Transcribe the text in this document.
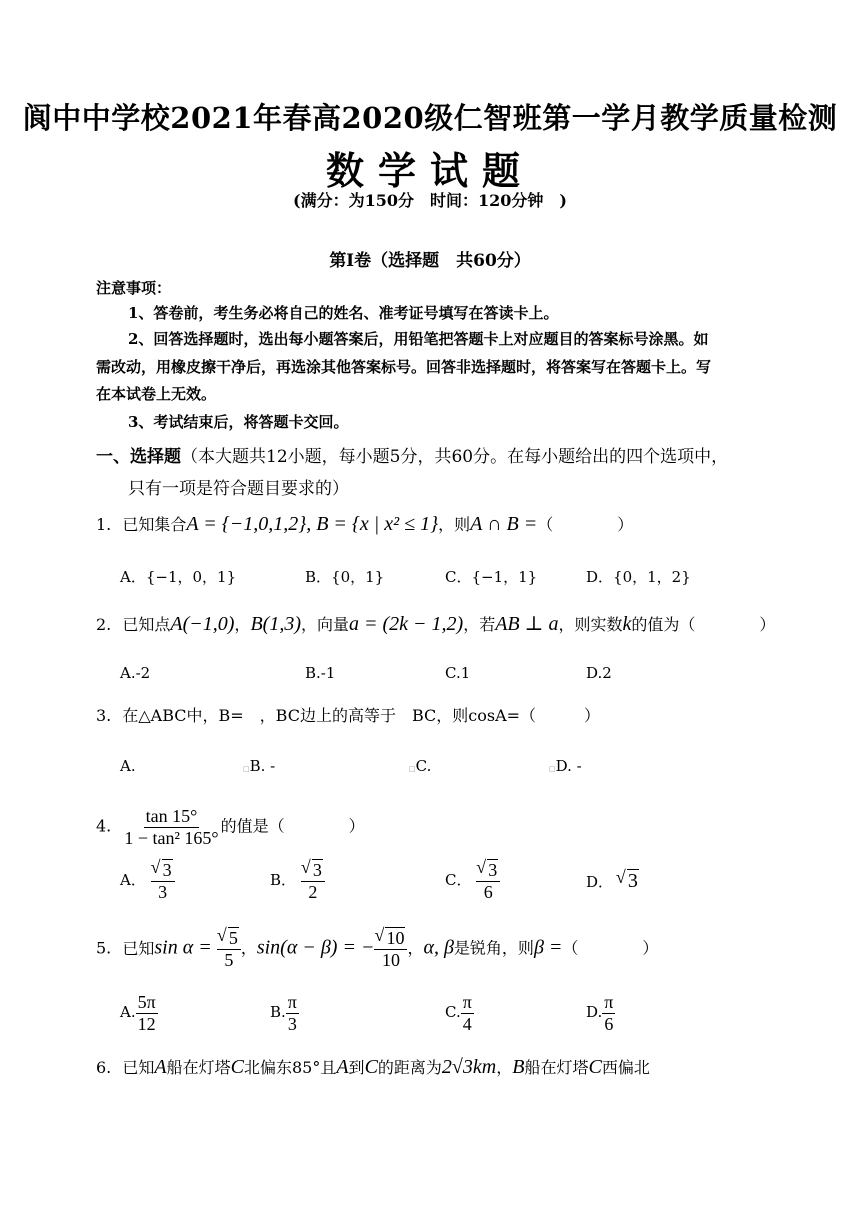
阆中中学校2021年春高2020级仁智班第一学月教学质量检测
数学试题
(满分：为150分　时间：120分钟　)
第Ⅰ卷（选择题　共60分）
注意事项：
1、答卷前，考生务必将自己的姓名、准考证号填写在答读卡上。
2、回答选择题时，选出每小题答案后，用铅笔把答题卡上对应题目的答案标号涂黑。如
需改动，用橡皮擦干净后，再选涂其他答案标号。回答非选择题时，将答案写在答题卡上。写
在本试卷上无效。
3、考试结束后，将答题卡交回。
一、选择题（本大题共12小题，每小题5分，共60分。在每小题给出的四个选项中，
只有一项是符合题目要求的）
1. 已知集合A = {−1,0,1,2}, B = {x | x² ≤ 1}，则A ∩ B =（　　　　）
A．{−1，0，1}	B．{0，1}	C．{−1，1}	D．{0，1，2}
2. 已知点A(−1,0)，B(1,3)，向量a = (2k − 1,2)，若AB ⊥ a，则实数k的值为（　　　　）
A.-2	B.-1	C.1	D.2
3. 在△ABC中，B=　，BC边上的高等于　BC，则cosA=（　　　）
A.	□B. -	□C.	□D. -
4. $\frac{\tan 15^\circ}{\text{1 − tan² 165°}}$ 的值是（　　　　）
A． √ $\frac{3}{3}$	B． √ $\frac{3}{2}$	C． √ $\frac{3}{6}$	D． √ 3
5. 已知sin α = √ $\frac{5}{5}$ ，sin(α − β) = − √ $\frac{10}{10}$ ，α, β是锐角，则β =（　　　　）
A. $\frac{5\pi}{12}$	B. $\frac{\pi}{3}$	C. $\frac{\pi}{4}$	D. $\frac{\pi}{6}$
6. 已知A船在灯塔C北偏东85°且A到C的距离为2√3km，B船在灯塔C西偏北
